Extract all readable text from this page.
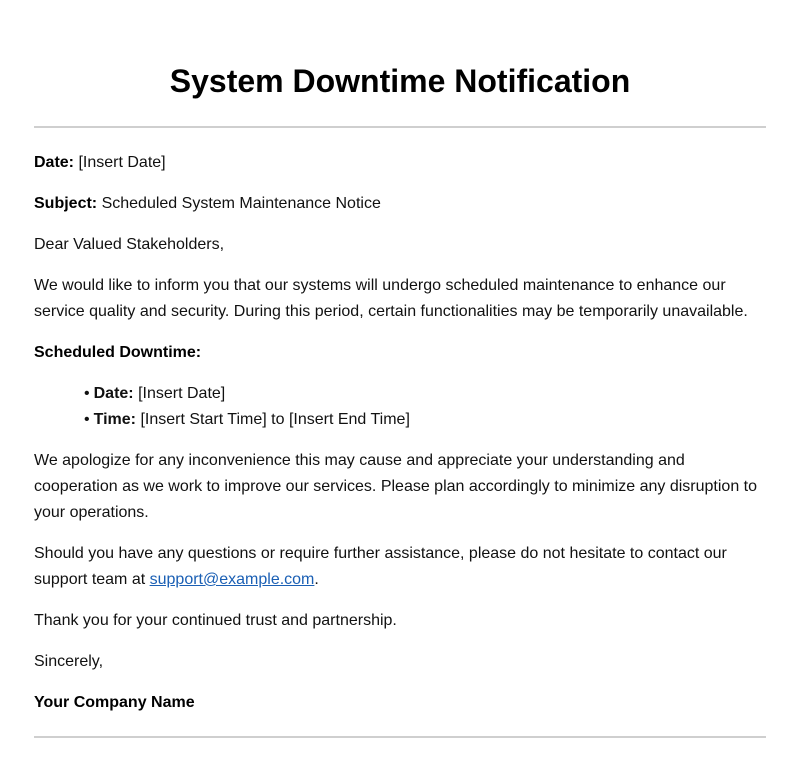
System Downtime Notification

Date: [Insert Date]

Subject: Scheduled System Maintenance Notice

Dear Valued Stakeholders,

We would like to inform you that our systems will undergo scheduled maintenance to enhance our service quality and security. During this period, certain functionalities may be temporarily unavailable.

Scheduled Downtime:

• Date: [Insert Date]
• Time: [Insert Start Time] to [Insert End Time]

We apologize for any inconvenience this may cause and appreciate your understanding and cooperation as we work to improve our services. Please plan accordingly to minimize any disruption to your operations.

Should you have any questions or require further assistance, please do not hesitate to contact our support team at support@example.com.

Thank you for your continued trust and partnership.

Sincerely,

Your Company Name
